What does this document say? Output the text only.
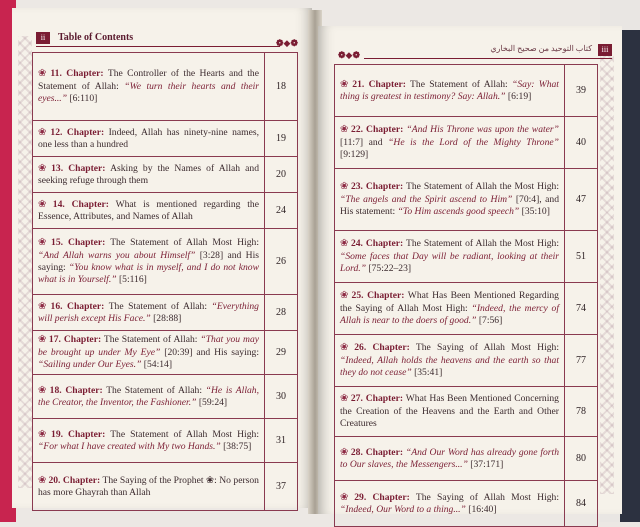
ii	Table of Contents	❁◆❁
❀ 11. Chapter: The Controller of the Hearts and the Statement of Allah: “We turn their hearts and their eyes...” [6:110]	18
❀ 12. Chapter: Indeed, Allah has ninety-nine names, one less than a hundred	19
❀ 13. Chapter: Asking by the Names of Allah and seeking refuge through them	20
❀ 14. Chapter: What is mentioned regarding the Essence, Attributes, and Names of Allah	24
❀ 15. Chapter: The Statement of Allah Most High: “And Allah warns you about Himself” [3:28] and His saying: “You know what is in myself, and I do not know what is in Yourself.” [5:116]	26
❀ 16. Chapter: The Statement of Allah: “Everything will perish except His Face.” [28:88]	28
❀ 17. Chapter: The Statement of Allah: “That you may be brought up under My Eye” [20:39] and His saying: “Sailing under Our Eyes.” [54:14]	29
❀ 18. Chapter: The Statement of Allah: “He is Allah, the Creator, the Inventor, the Fashioner.” [59:24]	30
❀ 19. Chapter: The Statement of Allah Most High: “For what I have created with My two Hands.” [38:75]	31
❀ 20. Chapter: The Saying of the Prophet ❀: No person has more Ghayrah than Allah	37
❁◆❁
كتاب التوحيد من صحيح البخاري	iii
❀ 21. Chapter: The Statement of Allah: “Say: What thing is greatest in testimony? Say: Allah.” [6:19]	39
❀ 22. Chapter: “And His Throne was upon the water” [11:7] and “He is the Lord of the Mighty Throne” [9:129]	40
❀ 23. Chapter: The Statement of Allah the Most High: “The angels and the Spirit ascend to Him” [70:4], and His statement: “To Him ascends good speech” [35:10]	47
❀ 24. Chapter: The Statement of Allah the Most High: “Some faces that Day will be radiant, looking at their Lord.” [75:22–23]	51
❀ 25. Chapter: What Has Been Mentioned Regarding the Saying of Allah Most High: “Indeed, the mercy of Allah is near to the doers of good.” [7:56]	74
❀ 26. Chapter: The Saying of Allah Most High: “Indeed, Allah holds the heavens and the earth so that they do not cease” [35:41]	77
❀ 27. Chapter: What Has Been Mentioned Concerning the Creation of the Heavens and the Earth and Other Creatures	78
❀ 28. Chapter: “And Our Word has already gone forth to Our slaves, the Messengers...” [37:171]	80
❀ 29. Chapter: The Saying of Allah Most High: “Indeed, Our Word to a thing...” [16:40]	84
